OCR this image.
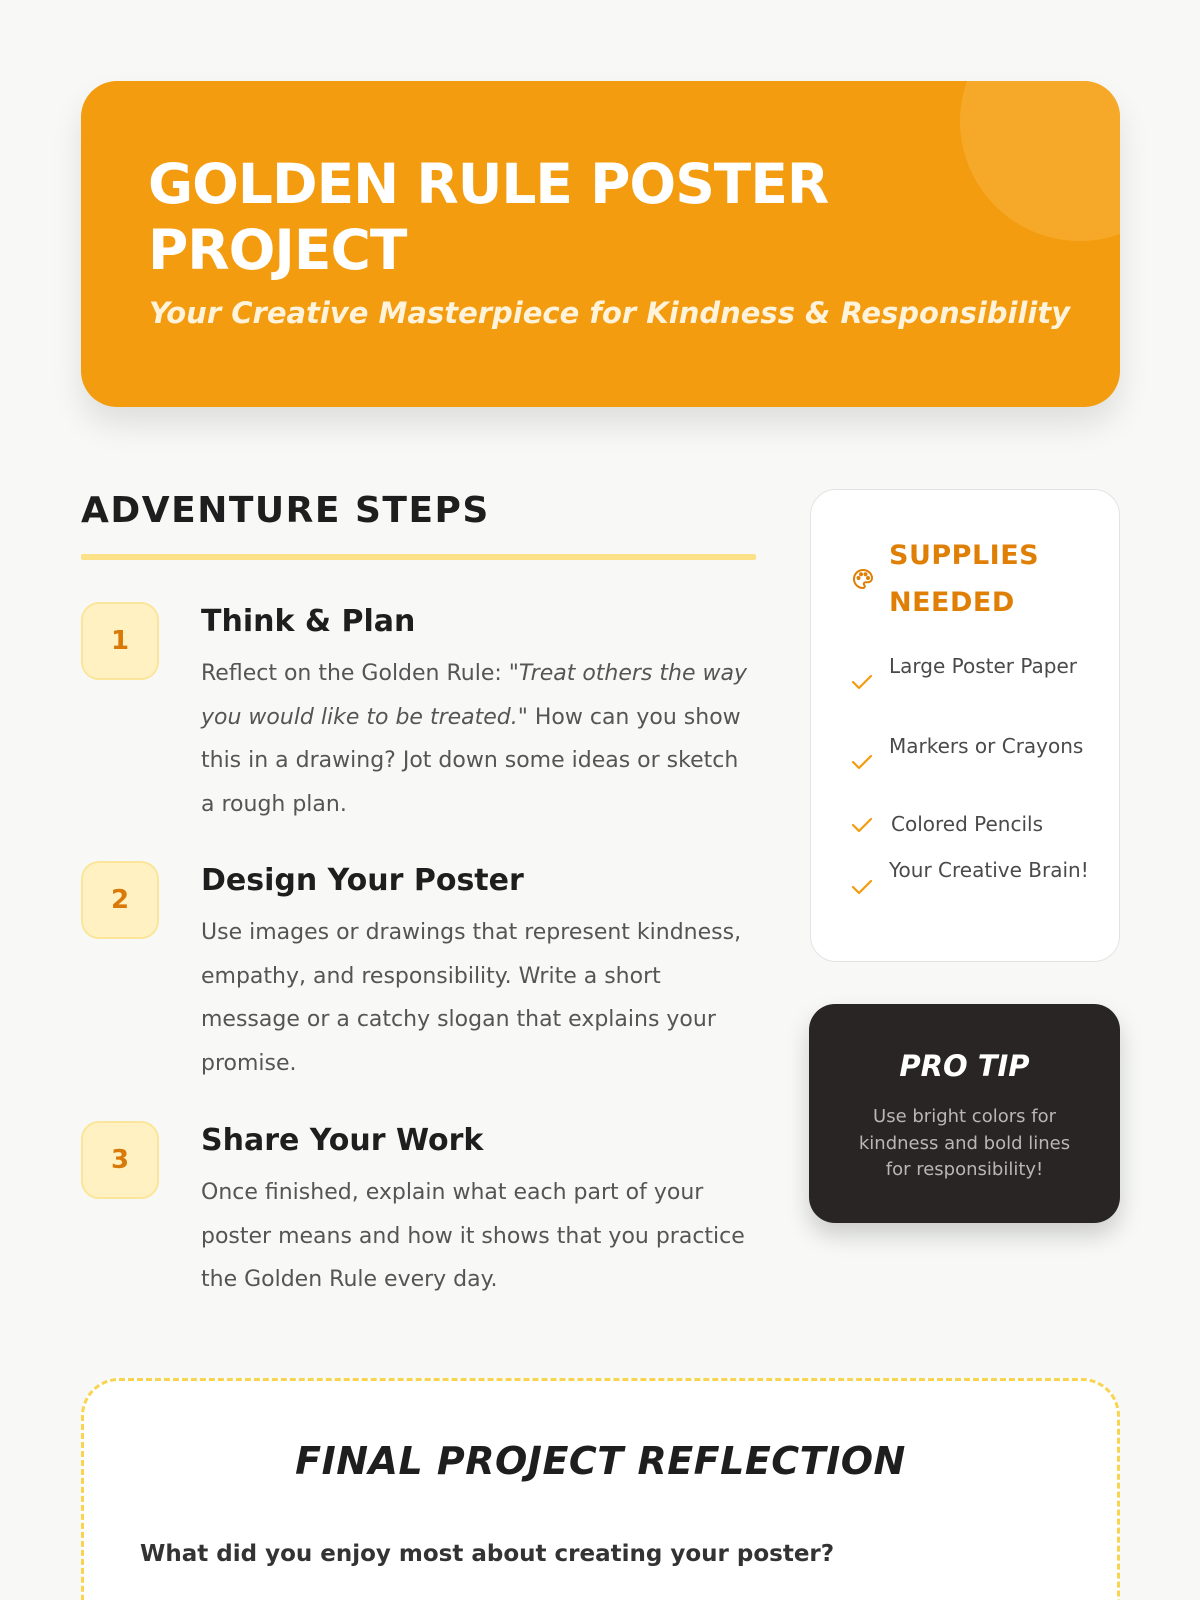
GOLDEN RULE POSTER PROJECT

Your Creative Masterpiece for Kindness & Responsibility

ADVENTURE STEPS
1
Think & Plan

Reflect on the Golden Rule: "Treat others the way you would like to be treated." How can you show this in a drawing? Jot down some ideas or sketch a rough plan.

2
Design Your Poster

Use images or drawings that represent kindness, empathy, and responsibility. Write a short message or a catchy slogan that explains your promise.

3
Share Your Work

Once finished, explain what each part of your poster means and how it shows that you practice the Golden Rule every day.

SUPPLIES NEEDED
Large Poster Paper
Markers or Crayons
Colored Pencils
Your Creative Brain!
PRO TIP

Use bright colors for kindness and bold lines for responsibility!

FINAL PROJECT REFLECTION

What did you enjoy most about creating your poster?
